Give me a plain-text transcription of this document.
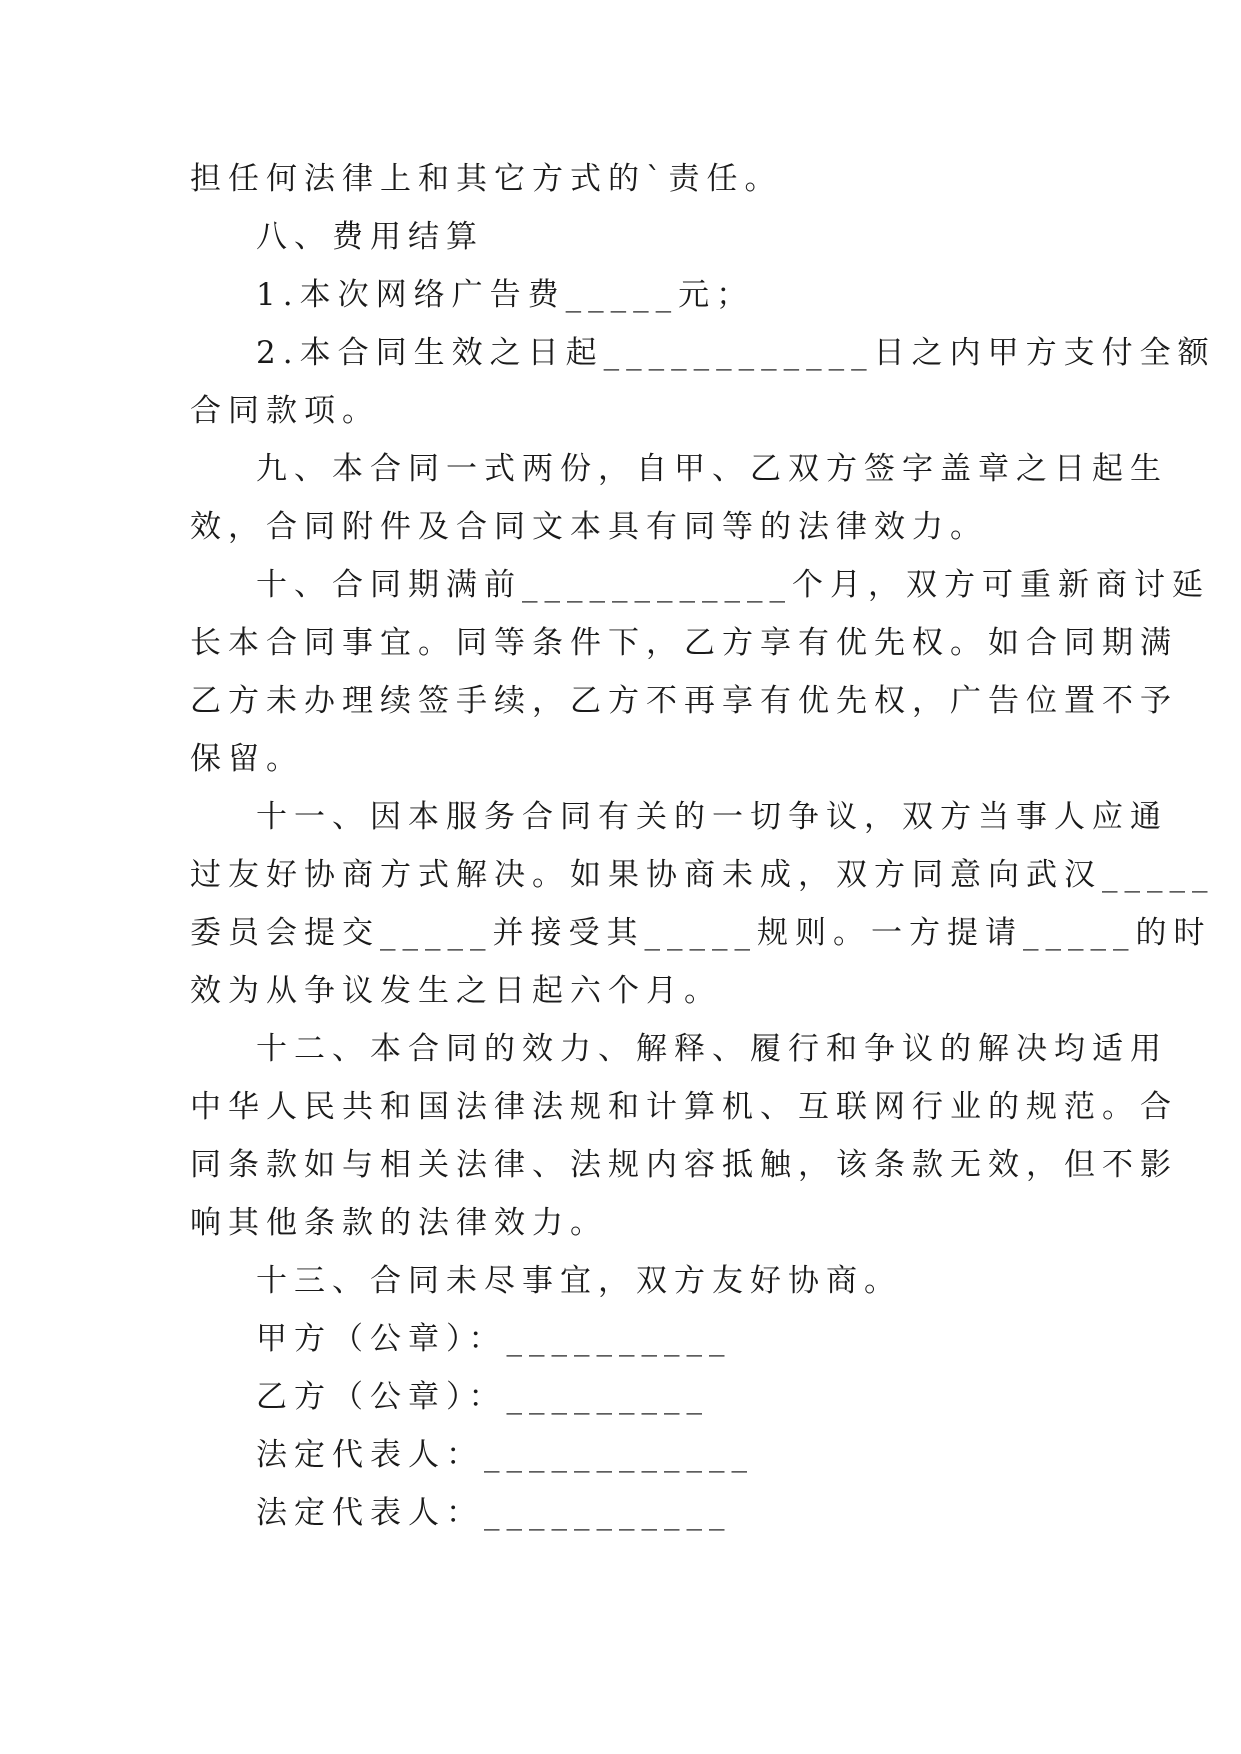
担任何法律上和其它方式的`责任。
八、费用结算
1.本次网络广告费_____元；
2.本合同生效之日起____________日之内甲方支付全额
合同款项。
九、本合同一式两份，自甲、乙双方签字盖章之日起生
效，合同附件及合同文本具有同等的法律效力。
十、合同期满前____________个月，双方可重新商讨延
长本合同事宜。同等条件下，乙方享有优先权。如合同期满
乙方未办理续签手续，乙方不再享有优先权，广告位置不予
保留。
十一、因本服务合同有关的一切争议，双方当事人应通
过友好协商方式解决。如果协商未成，双方同意向武汉_____
委员会提交_____并接受其_____规则。一方提请_____的时
效为从争议发生之日起六个月。
十二、本合同的效力、解释、履行和争议的解决均适用
中华人民共和国法律法规和计算机、互联网行业的规范。合
同条款如与相关法律、法规内容抵触，该条款无效，但不影
响其他条款的法律效力。
十三、合同未尽事宜，双方友好协商。
甲方（公章）：__________
乙方（公章）：_________
法定代表人：____________
法定代表人：___________
